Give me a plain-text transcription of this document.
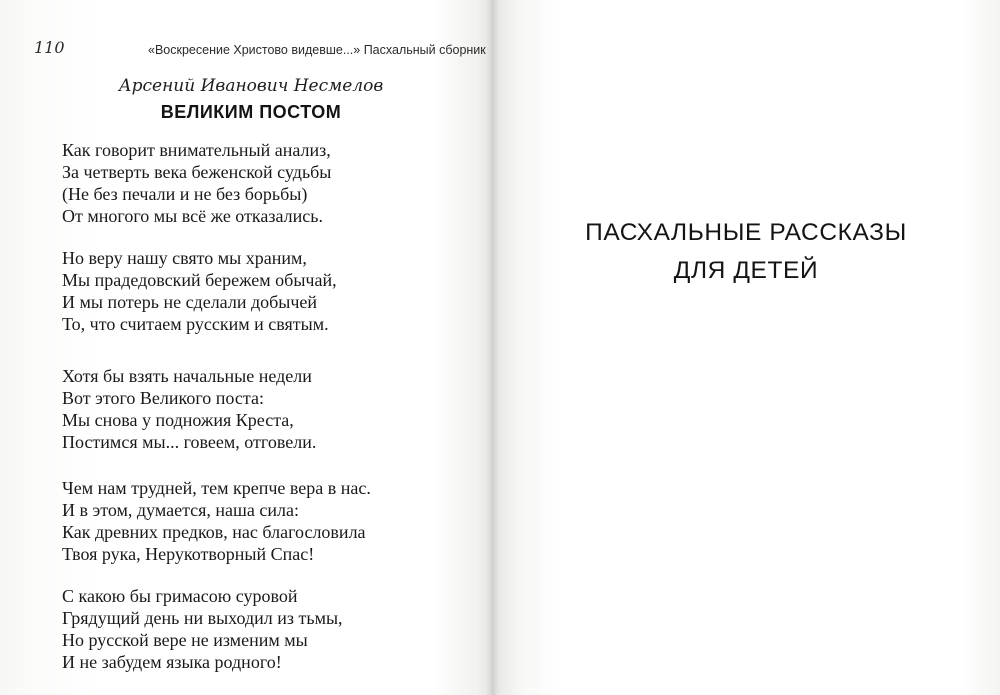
110	«Воскресение Христово видевше...» Пасхальный сборник
Арсений Иванович Несмелов
ВЕЛИКИМ ПОСТОМ

Как говорит внимательный анализ,
За четверть века беженской судьбы
(Не без печали и не без борьбы)
От многого мы всё же отказались.

Но веру нашу свято мы храним,
Мы прадедовский бережем обычай,
И мы потерь не сделали добычей
То, что считаем русским и святым.

Хотя бы взять начальные недели
Вот этого Великого поста:
Мы снова у подножия Креста,
Постимся мы... говеем, отговели.

Чем нам трудней, тем крепче вера в нас.
И в этом, думается, наша сила:
Как древних предков, нас благословила
Твоя рука, Нерукотворный Спас!

С какою бы гримасою суровой
Грядущий день ни выходил из тьмы,
Но русской вере не изменим мы
И не забудем языка родного!

ПАСХАЛЬНЫЕ РАССКАЗЫ
ДЛЯ ДЕТЕЙ
